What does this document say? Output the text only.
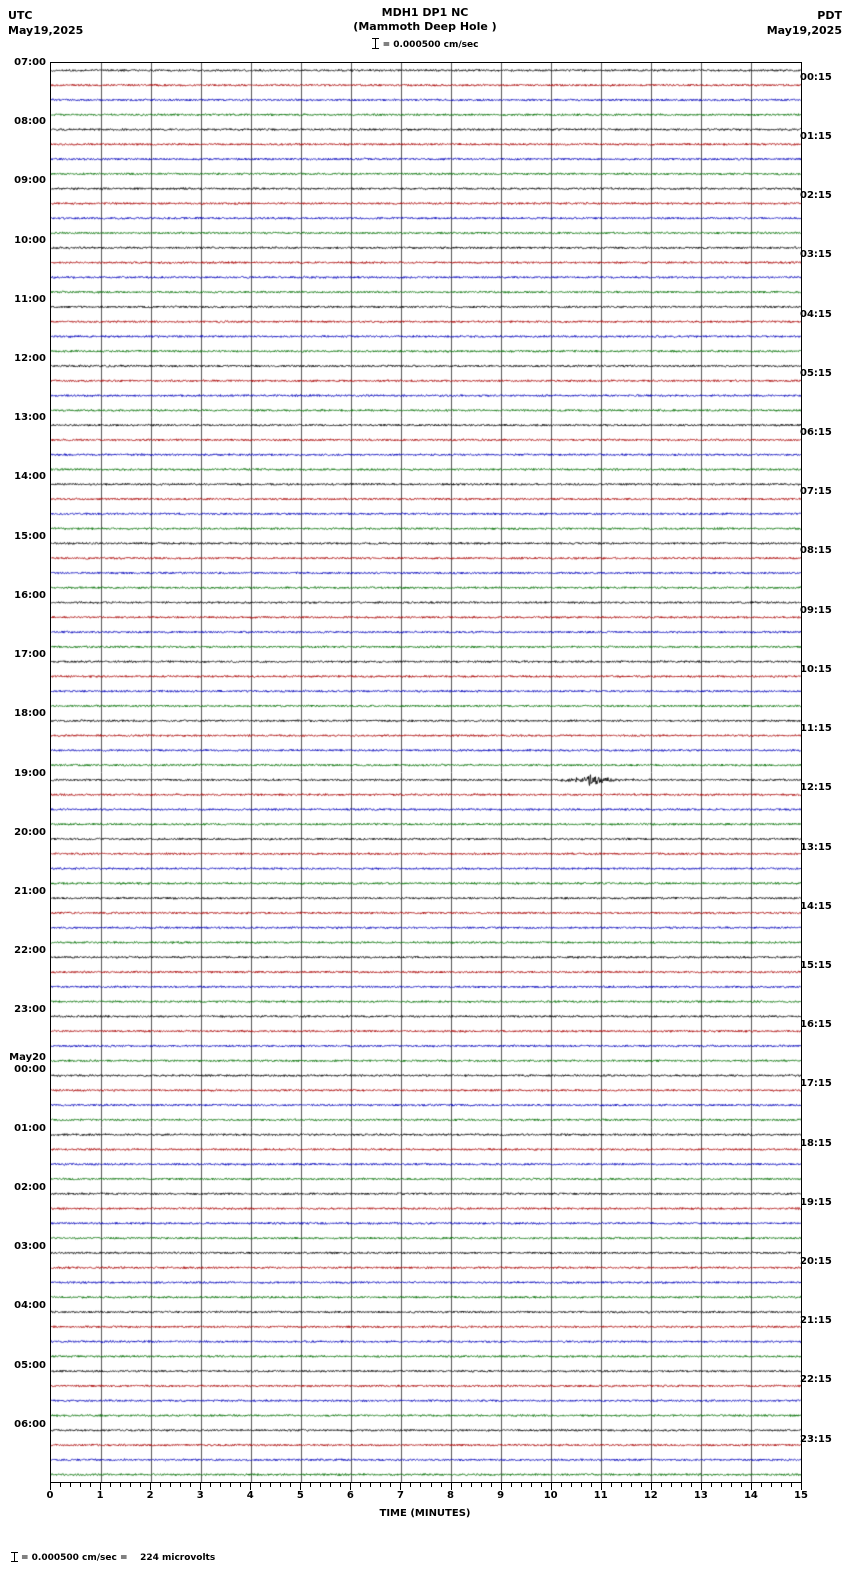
UTC
May19,2025
MDH1 DP1 NC
(Mammoth Deep Hole )
PDT
May19,2025
= 0.000500 cm/sec
07:00
08:00
09:00
10:00
11:00
12:00
13:00
14:00
15:00
16:00
17:00
18:00
19:00
20:00
21:00
22:00
23:00
00:00
01:00
02:00
03:00
04:00
05:00
06:00
May20
00:15
01:15
02:15
03:15
04:15
05:15
06:15
07:15
08:15
09:15
10:15
11:15
12:15
13:15
14:15
15:15
16:15
17:15
18:15
19:15
20:15
21:15
22:15
23:15
0	1	2	3	4	5	6	7	8	9	10	11	12	13	14	15
TIME (MINUTES)
= 0.000500 cm/sec =    224 microvolts
